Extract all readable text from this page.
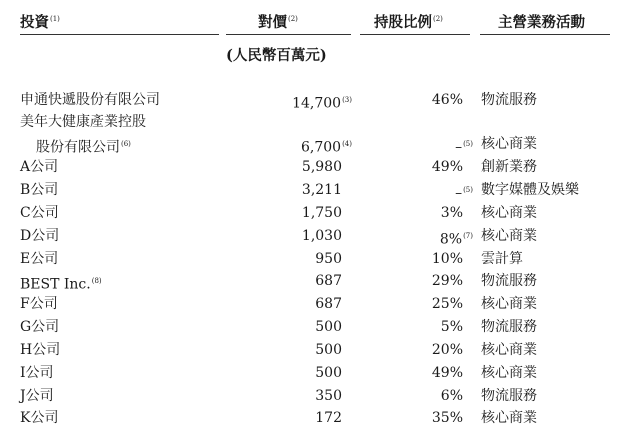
投資$^{(1)}$	對價$^{(2)}$	持股比例$^{(2)}$	主營業務活動
(人民幣百萬元)
申通快遞股份有限公司	14,700$^{(3)}$	46% 物流服務
美年大健康產業控股
股份有限公司$^{(6)}$	6,700$^{(4)}$	–$^{(5)}$ 核心商業
A公司	5,980	49% 創新業務
B公司	3,211	–$^{(5)}$ 數字媒體及娛樂
C公司	1,750	3% 核心商業
D公司	1,030	8%$^{(7)}$ 核心商業
E公司	950	10% 雲計算
BEST Inc.$^{(8)}$	687	29% 物流服務
F公司	687	25% 核心商業
G公司	500	5% 物流服務
H公司	500	20% 核心商業
I公司	500	49% 核心商業
J公司	350	6% 物流服務
K公司	172	35% 核心商業
